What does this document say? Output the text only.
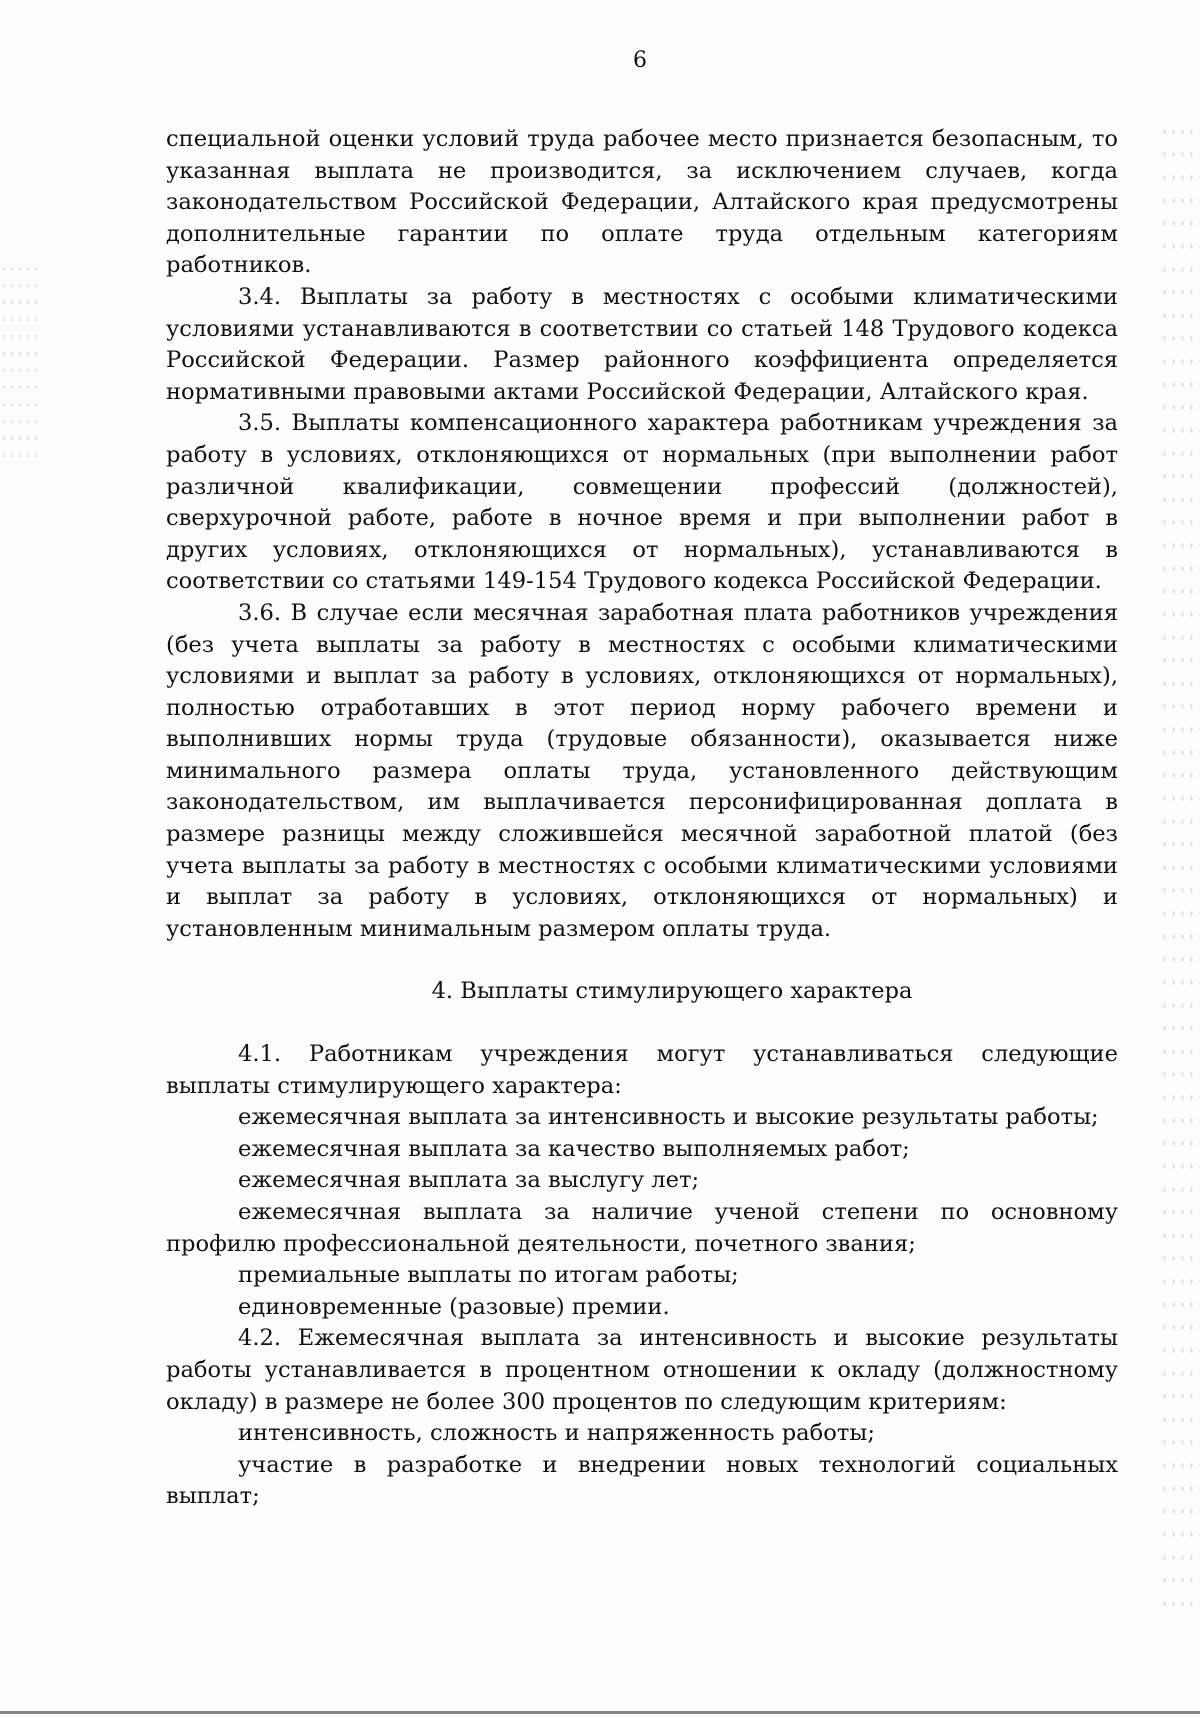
6

специальной оценки условий труда рабочее место признается безопасным, то указанная выплата не производится, за исключением случаев, когда законодательством Российской Федерации, Алтайского края предусмотрены дополнительные гарантии по оплате труда отдельным категориям работников.

3.4. Выплаты за работу в местностях с особыми климатическими условиями устанавливаются в соответствии со статьей 148 Трудового кодекса Российской Федерации. Размер районного коэффициента определяется нормативными правовыми актами Российской Федерации, Алтайского края.

3.5. Выплаты компенсационного характера работникам учреждения за работу в условиях, отклоняющихся от нормальных (при выполнении работ различной квалификации, совмещении профессий (должностей), сверхурочной работе, работе в ночное время и при выполнении работ в других условиях, отклоняющихся от нормальных), устанавливаются в соответствии со статьями 149-154 Трудового кодекса Российской Федерации.

3.6. В случае если месячная заработная плата работников учреждения (без учета выплаты за работу в местностях с особыми климатическими условиями и выплат за работу в условиях, отклоняющихся от нормальных), полностью отработавших в этот период норму рабочего времени и выполнивших нормы труда (трудовые обязанности), оказывается ниже минимального размера оплаты труда, установленного действующим законодательством, им выплачивается персонифицированная доплата в размере разницы между сложившейся месячной заработной платой (без учета выплаты за работу в местностях с особыми климатическими условиями и выплат за работу в условиях, отклоняющихся от нормальных) и установленным минимальным размером оплаты труда.

4. Выплаты стимулирующего характера

4.1. Работникам учреждения могут устанавливаться следующие выплаты стимулирующего характера:

ежемесячная выплата за интенсивность и высокие результаты работы;

ежемесячная выплата за качество выполняемых работ;

ежемесячная выплата за выслугу лет;

ежемесячная выплата за наличие ученой степени по основному профилю профессиональной деятельности, почетного звания;

премиальные выплаты по итогам работы;

единовременные (разовые) премии.

4.2. Ежемесячная выплата за интенсивность и высокие результаты работы устанавливается в процентном отношении к окладу (должностному окладу) в размере не более 300 процентов по следующим критериям:

интенсивность, сложность и напряженность работы;

участие в разработке и внедрении новых технологий социальных выплат;
